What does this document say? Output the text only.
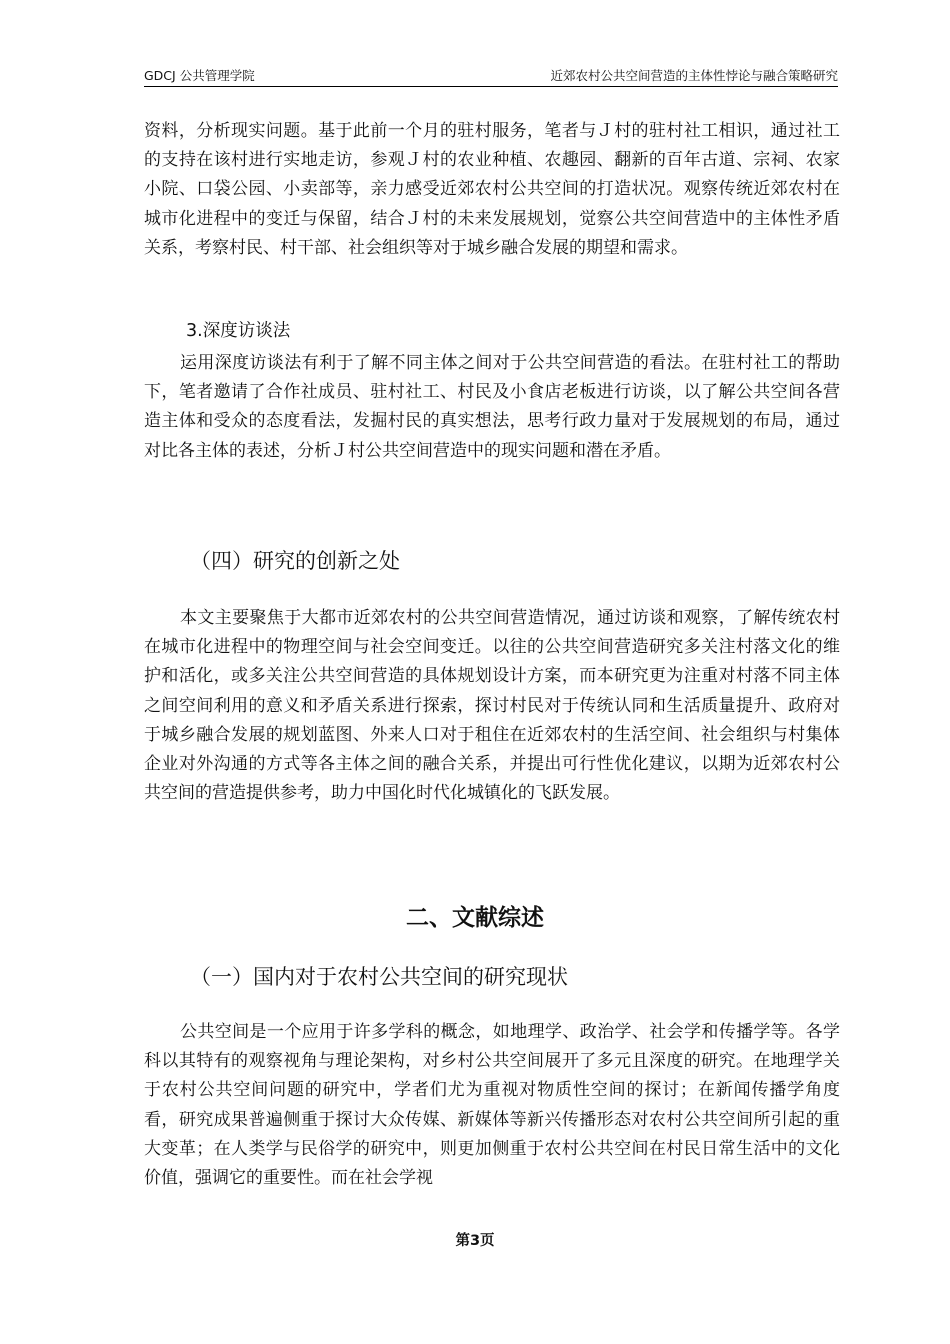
GDCJ 公共管理学院	近郊农村公共空间营造的主体性悖论与融合策略研究

资料，分析现实问题。基于此前一个月的驻村服务，笔者与Ｊ村的驻村社工相识，通过社工的支持在该村进行实地走访，参观Ｊ村的农业种植、农趣园、翻新的百年古道、宗祠、农家小院、口袋公园、小卖部等，亲力感受近郊农村公共空间的打造状况。观察传统近郊农村在城市化进程中的变迁与保留，结合Ｊ村的未来发展规划，觉察公共空间营造中的主体性矛盾关系，考察村民、村干部、社会组织等对于城乡融合发展的期望和需求。

3.深度访谈法

运用深度访谈法有利于了解不同主体之间对于公共空间营造的看法。在驻村社工的帮助下，笔者邀请了合作社成员、驻村社工、村民及小食店老板进行访谈，以了解公共空间各营造主体和受众的态度看法，发掘村民的真实想法，思考行政力量对于发展规划的布局，通过对比各主体的表述，分析Ｊ村公共空间营造中的现实问题和潜在矛盾。

（四）研究的创新之处

本文主要聚焦于大都市近郊农村的公共空间营造情况，通过访谈和观察，了解传统农村在城市化进程中的物理空间与社会空间变迁。以往的公共空间营造研究多关注村落文化的维护和活化，或多关注公共空间营造的具体规划设计方案，而本研究更为注重对村落不同主体之间空间利用的意义和矛盾关系进行探索，探讨村民对于传统认同和生活质量提升、政府对于城乡融合发展的规划蓝图、外来人口对于租住在近郊农村的生活空间、社会组织与村集体企业对外沟通的方式等各主体之间的融合关系，并提出可行性优化建议，以期为近郊农村公共空间的营造提供参考，助力中国化时代化城镇化的飞跃发展。

二、文献综述
（一）国内对于农村公共空间的研究现状

公共空间是一个应用于许多学科的概念，如地理学、政治学、社会学和传播学等。各学科以其特有的观察视角与理论架构，对乡村公共空间展开了多元且深度的研究。在地理学关于农村公共空间问题的研究中，学者们尤为重视对物质性空间的探讨；在新闻传播学角度看，研究成果普遍侧重于探讨大众传媒、新媒体等新兴传播形态对农村公共空间所引起的重大变革；在人类学与民俗学的研究中，则更加侧重于农村公共空间在村民日常生活中的文化价值，强调它的重要性。而在社会学视

第3页
